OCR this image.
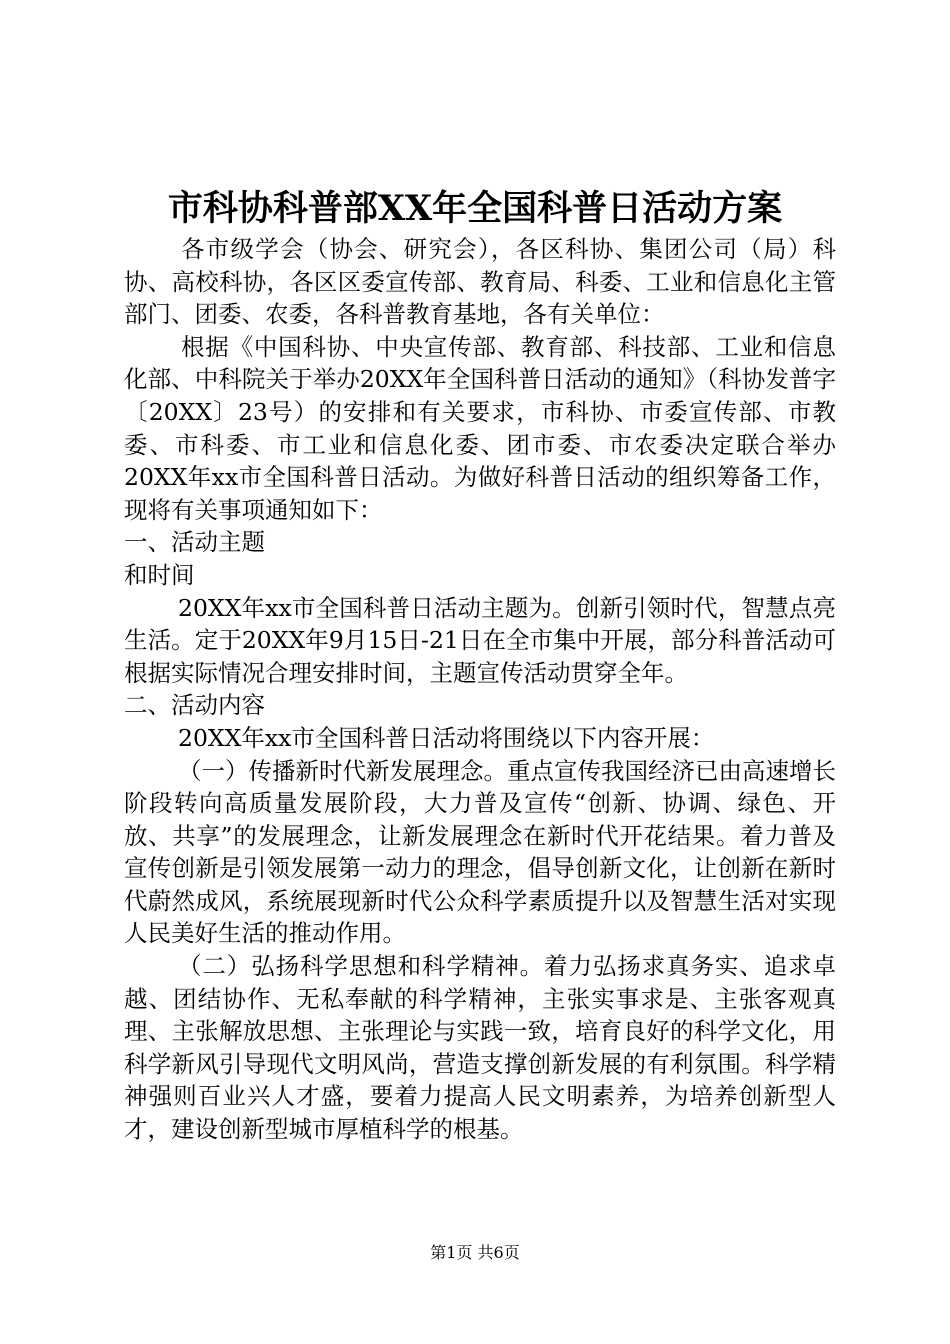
市科协科普部XX年全国科普日活动方案

各市级学会（协会、研究会），各区科协、集团公司（局）科协、高校科协，各区区委宣传部、教育局、科委、工业和信息化主管部门、团委、农委，各科普教育基地，各有关单位：

根据《中国科协、中央宣传部、教育部、科技部、工业和信息化部、中科院关于举办20XX年全国科普日活动的通知》（科协发普字〔20XX〕23号）的安排和有关要求，市科协、市委宣传部、市教委、市科委、市工业和信息化委、团市委、市农委决定联合举办20XX年xx市全国科普日活动。为做好科普日活动的组织筹备工作，现将有关事项通知如下：

一、活动主题

和时间

20XX年xx市全国科普日活动主题为。创新引领时代，智慧点亮生活。定于20XX年9月15日-21日在全市集中开展，部分科普活动可根据实际情况合理安排时间，主题宣传活动贯穿全年。

二、活动内容

20XX年xx市全国科普日活动将围绕以下内容开展：

（一）传播新时代新发展理念。重点宣传我国经济已由高速增长阶段转向高质量发展阶段，大力普及宣传“创新、协调、绿色、开放、共享”的发展理念，让新发展理念在新时代开花结果。着力普及宣传创新是引领发展第一动力的理念，倡导创新文化，让创新在新时代蔚然成风，系统展现新时代公众科学素质提升以及智慧生活对实现人民美好生活的推动作用。

（二）弘扬科学思想和科学精神。着力弘扬求真务实、追求卓越、团结协作、无私奉献的科学精神，主张实事求是、主张客观真理、主张解放思想、主张理论与实践一致，培育良好的科学文化，用科学新风引导现代文明风尚，营造支撑创新发展的有利氛围。科学精神强则百业兴人才盛，要着力提高人民文明素养，为培养创新型人才，建设创新型城市厚植科学的根基。

第1页 共6页
